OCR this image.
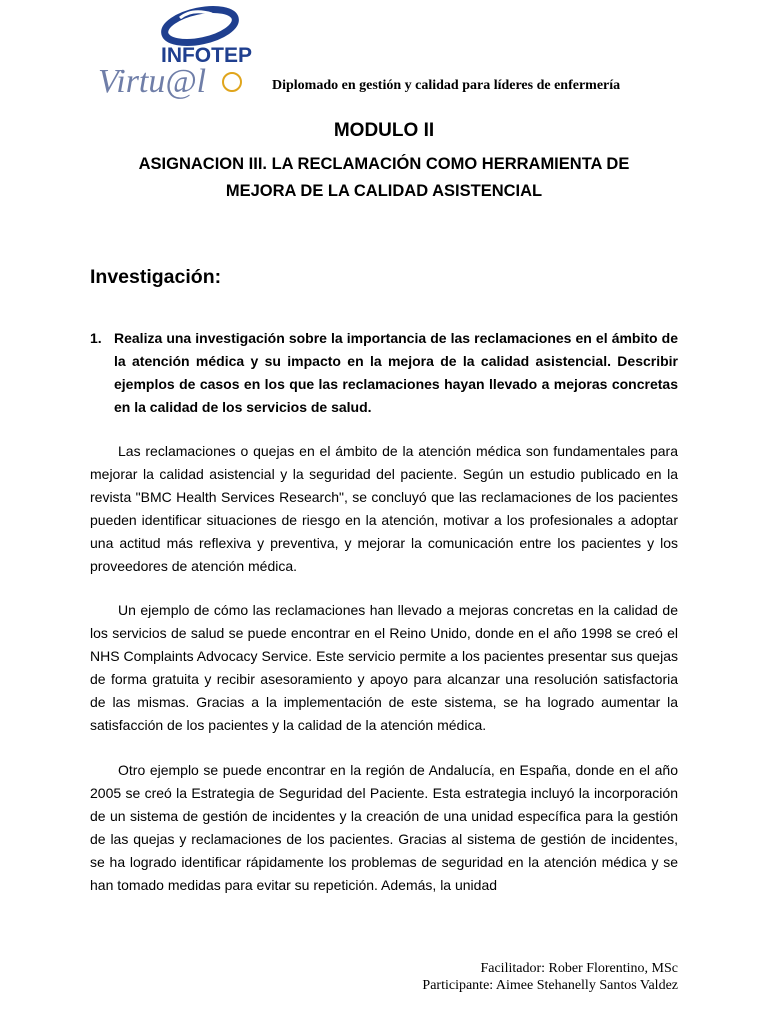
INFOTEP
Virtu@l	Diplomado en gestión y calidad para líderes de enfermería
MODULO II
ASIGNACION III. LA RECLAMACIÓN COMO HERRAMIENTA DE
MEJORA DE LA CALIDAD ASISTENCIAL
Investigación:
1. Realiza una investigación sobre la importancia de las reclamaciones en el ámbito de la atención médica y su impacto en la mejora de la calidad asistencial. Describir ejemplos de casos en los que las reclamaciones hayan llevado a mejoras concretas en la calidad de los servicios de salud.
Las reclamaciones o quejas en el ámbito de la atención médica son fundamentales para mejorar la calidad asistencial y la seguridad del paciente. Según un estudio publicado en la revista "BMC Health Services Research", se concluyó que las reclamaciones de los pacientes pueden identificar situaciones de riesgo en la atención, motivar a los profesionales a adoptar una actitud más reflexiva y preventiva, y mejorar la comunicación entre los pacientes y los proveedores de atención médica.
Un ejemplo de cómo las reclamaciones han llevado a mejoras concretas en la calidad de los servicios de salud se puede encontrar en el Reino Unido, donde en el año 1998 se creó el NHS Complaints Advocacy Service. Este servicio permite a los pacientes presentar sus quejas de forma gratuita y recibir asesoramiento y apoyo para alcanzar una resolución satisfactoria de las mismas. Gracias a la implementación de este sistema, se ha logrado aumentar la satisfacción de los pacientes y la calidad de la atención médica.
Otro ejemplo se puede encontrar en la región de Andalucía, en España, donde en el año 2005 se creó la Estrategia de Seguridad del Paciente. Esta estrategia incluyó la incorporación de un sistema de gestión de incidentes y la creación de una unidad específica para la gestión de las quejas y reclamaciones de los pacientes. Gracias al sistema de gestión de incidentes, se ha logrado identificar rápidamente los problemas de seguridad en la atención médica y se han tomado medidas para evitar su repetición. Además, la unidad
Facilitador: Rober Florentino, MSc
Participante: Aimee Stehanelly Santos Valdez
